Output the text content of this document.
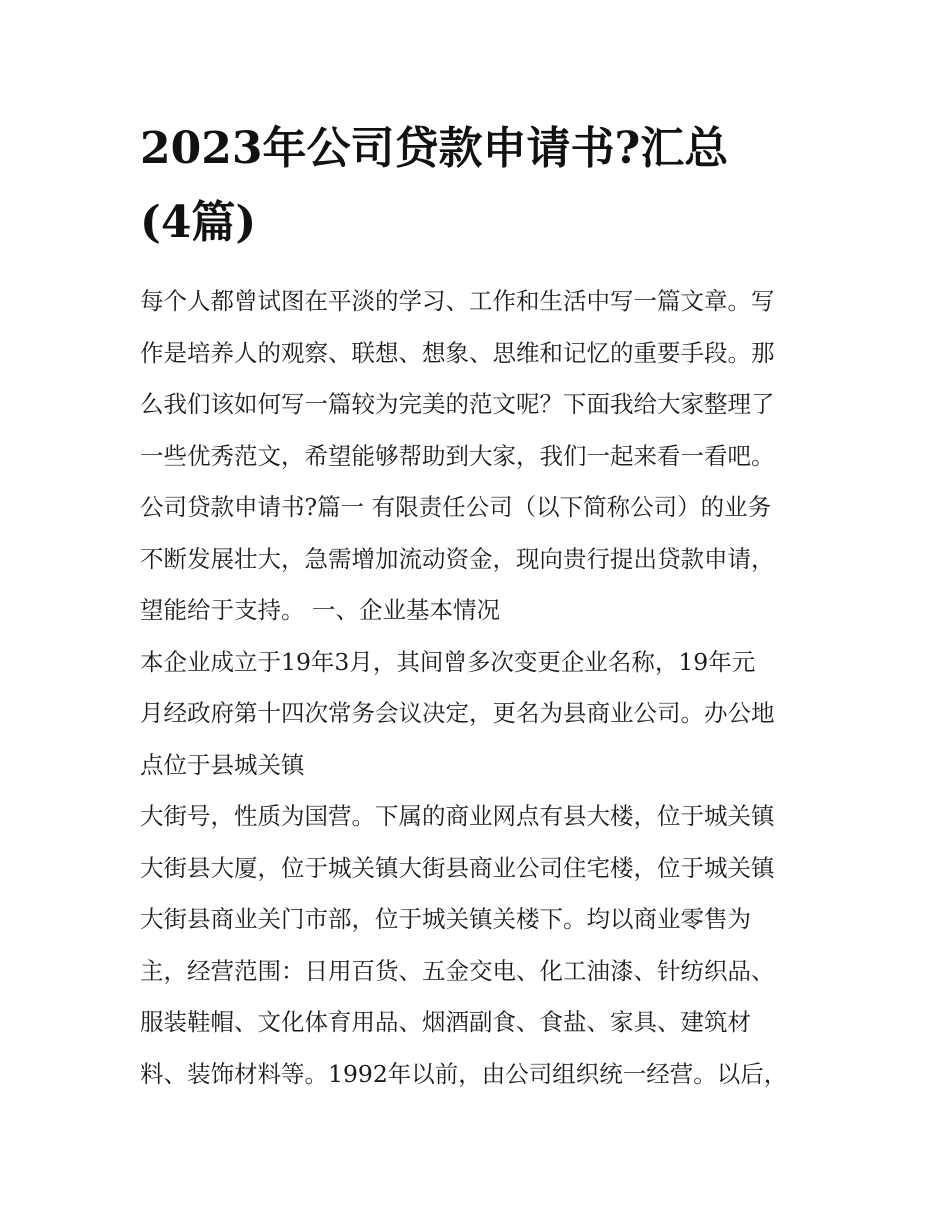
2023年公司贷款申请书?汇总
(4篇)
每个人都曾试图在平淡的学习、工作和生活中写一篇文章。写
作是培养人的观察、联想、想象、思维和记忆的重要手段。那
么我们该如何写一篇较为完美的范文呢？下面我给大家整理了
一些优秀范文，希望能够帮助到大家，我们一起来看一看吧。
公司贷款申请书?篇一 有限责任公司（以下简称公司）的业务
不断发展壮大，急需增加流动资金，现向贵行提出贷款申请，
望能给于支持。 一、企业基本情况
本企业成立于19年3月，其间曾多次变更企业名称，19年元
月经政府第十四次常务会议决定，更名为县商业公司。办公地
点位于县城关镇
大街号，性质为国营。下属的商业网点有县大楼，位于城关镇
大街县大厦，位于城关镇大街县商业公司住宅楼，位于城关镇
大街县商业关门市部，位于城关镇关楼下。均以商业零售为
主，经营范围：日用百货、五金交电、化工油漆、针纺织品、
服装鞋帽、文化体育用品、烟酒副食、食盐、家具、建筑材
料、装饰材料等。1992年以前，由公司组织统一经营。以后，
